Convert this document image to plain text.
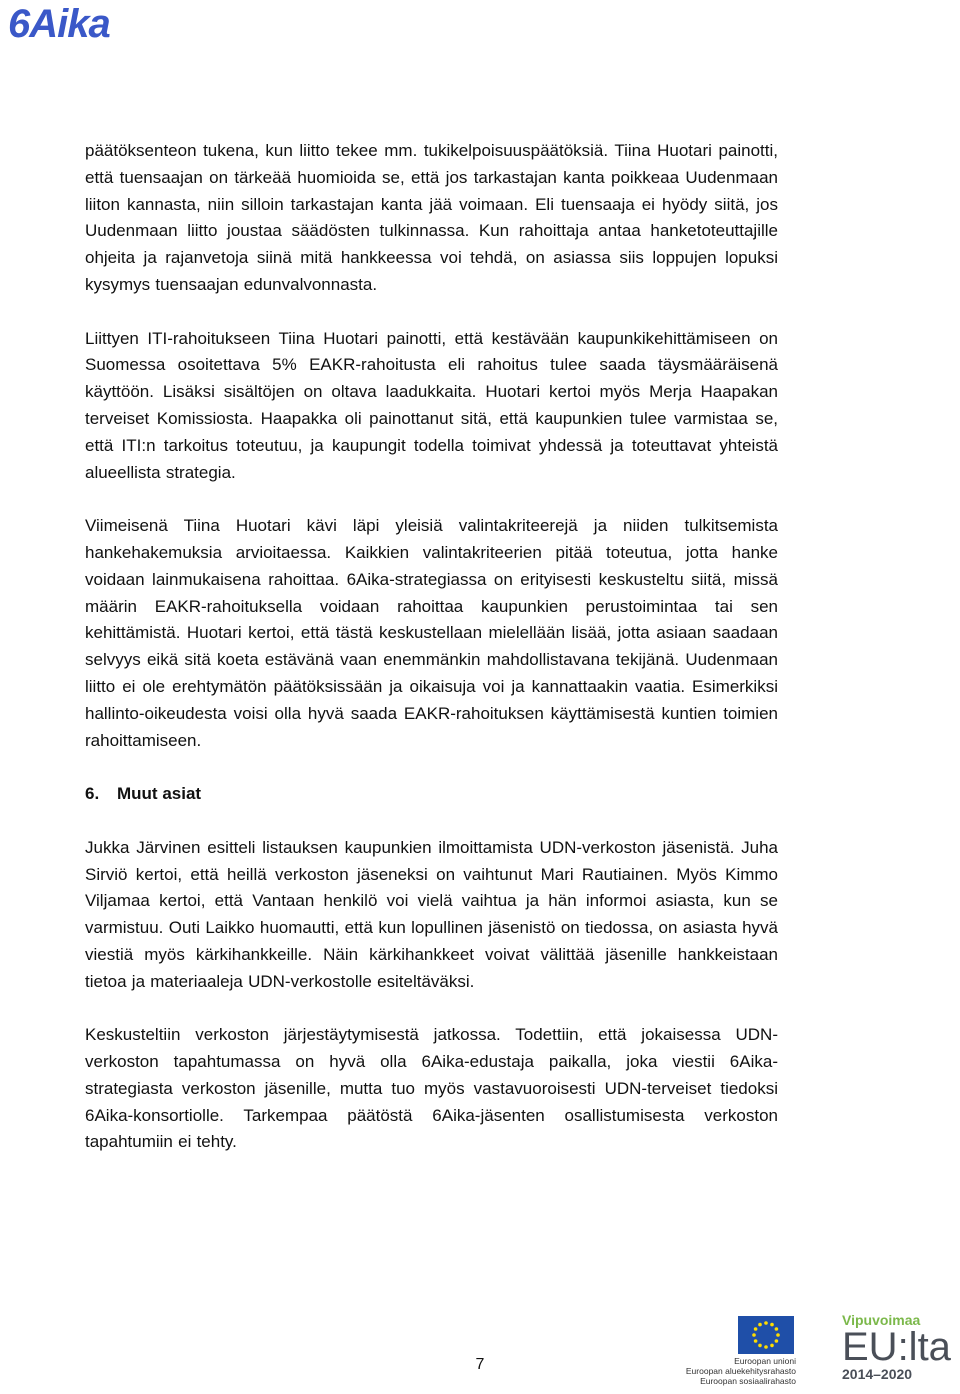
6Aika

päätöksenteon tukena, kun liitto tekee mm. tukikelpoisuuspäätöksiä. Tiina Huotari painotti, että tuensaajan on tärkeää huomioida se, että jos tarkastajan kanta poikkeaa Uudenmaan liiton kannasta, niin silloin tarkastajan kanta jää voimaan. Eli tuensaaja ei hyödy siitä, jos Uudenmaan liitto joustaa säädösten tulkinnassa. Kun rahoittaja antaa hanketoteuttajille ohjeita ja rajanvetoja siinä mitä hankkeessa voi tehdä, on asiassa siis loppujen lopuksi kysymys tuensaajan edunvalvonnasta.

Liittyen ITI-rahoitukseen Tiina Huotari painotti, että kestävään kaupunkikehittämiseen on Suomessa osoitettava 5% EAKR-rahoitusta eli rahoitus tulee saada täysmääräisenä käyttöön. Lisäksi sisältöjen on oltava laadukkaita. Huotari kertoi myös Merja Haapakan terveiset Komissiosta. Haapakka oli painottanut sitä, että kaupunkien tulee varmistaa se, että ITI:n tarkoitus toteutuu, ja kaupungit todella toimivat yhdessä ja toteuttavat yhteistä alueellista strategia.

Viimeisenä Tiina Huotari kävi läpi yleisiä valintakriteerejä ja niiden tulkitsemista hankehakemuksia arvioitaessa. Kaikkien valintakriteerien pitää toteutua, jotta hanke voidaan lainmukaisena rahoittaa. 6Aika-strategiassa on erityisesti keskusteltu siitä, missä määrin EAKR-rahoituksella voidaan rahoittaa kaupunkien perustoimintaa tai sen kehittämistä. Huotari kertoi, että tästä keskustellaan mielellään lisää, jotta asiaan saadaan selvyys eikä sitä koeta estävänä vaan enemmänkin mahdollistavana tekijänä. Uudenmaan liitto ei ole erehtymätön päätöksissään ja oikaisuja voi ja kannattaakin vaatia. Esimerkiksi hallinto-oikeudesta voisi olla hyvä saada EAKR-rahoituksen käyttämisestä kuntien toimien rahoittamiseen.

6. Muut asiat

Jukka Järvinen esitteli listauksen kaupunkien ilmoittamista UDN-verkoston jäsenistä. Juha Sirviö kertoi, että heillä verkoston jäseneksi on vaihtunut Mari Rautiainen. Myös Kimmo Viljamaa kertoi, että Vantaan henkilö voi vielä vaihtua ja hän informoi asiasta, kun se varmistuu. Outi Laikko huomautti, että kun lopullinen jäsenistö on tiedossa, on asiasta hyvä viestiä myös kärkihankkeille. Näin kärkihankkeet voivat välittää jäsenille hankkeistaan tietoa ja materiaaleja UDN-verkostolle esiteltäväksi.

Keskusteltiin verkoston järjestäytymisestä jatkossa. Todettiin, että jokaisessa UDN-verkoston tapahtumassa on hyvä olla 6Aika-edustaja paikalla, joka viestii 6Aika-strategiasta verkoston jäsenille, mutta tuo myös vastavuoroisesti UDN-terveiset tiedoksi 6Aika-konsortiolle. Tarkempaa päätöstä 6Aika-jäsenten osallistumisesta verkoston tapahtumiin ei tehty.

7	Euroopan unioni
Euroopan aluekehitysrahasto
Euroopan sosiaalirahasto
Vipuvoimaa
EU:lta
2014–2020
